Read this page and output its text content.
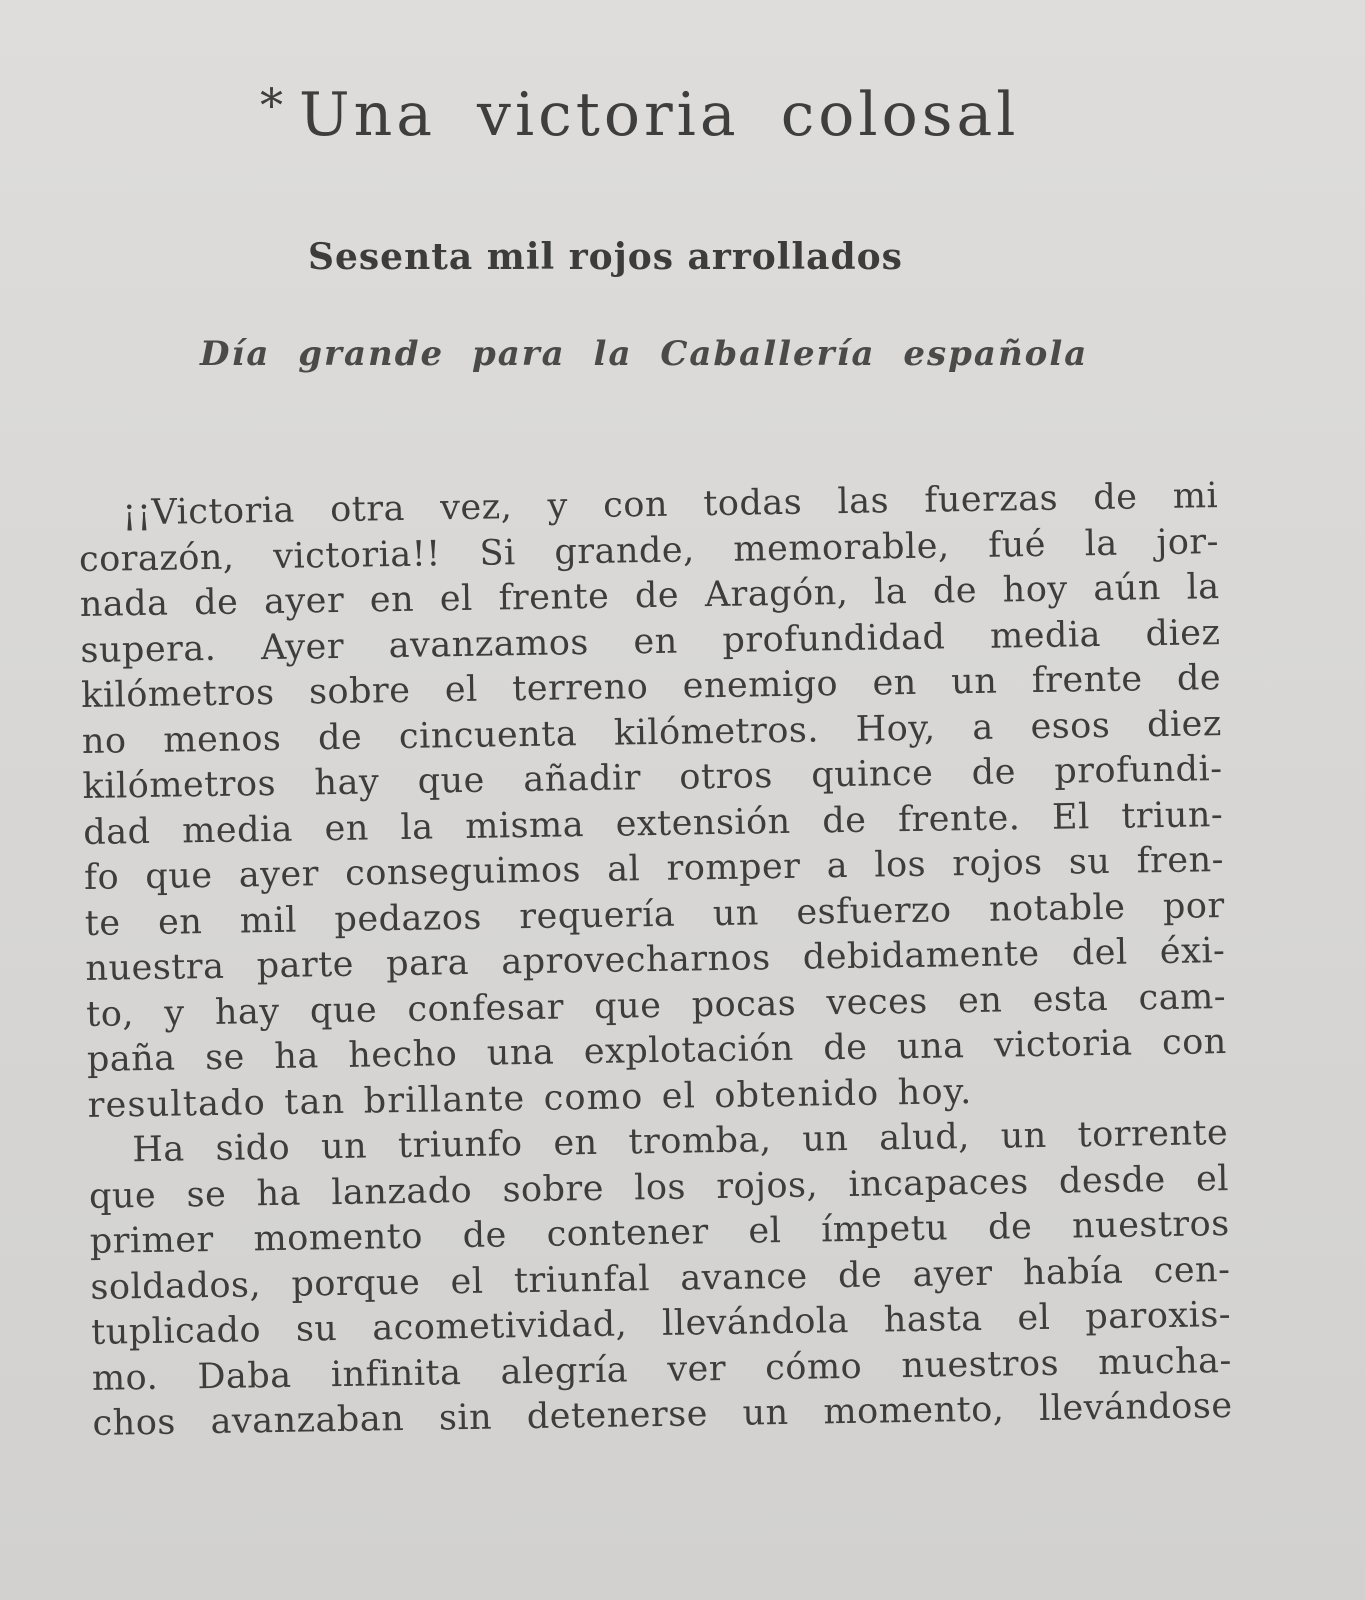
* Una victoria colosal
Sesenta mil rojos arrollados
Día grande para la Caballería española
¡¡Victoria otra vez, y con todas las fuerzas de mi
corazón, victoria!! Si grande, memorable, fué la jor-
nada de ayer en el frente de Aragón, la de hoy aún la
supera. Ayer avanzamos en profundidad media diez
kilómetros sobre el terreno enemigo en un frente de
no menos de cincuenta kilómetros. Hoy, a esos diez
kilómetros hay que añadir otros quince de profundi-
dad media en la misma extensión de frente. El triun-
fo que ayer conseguimos al romper a los rojos su fren-
te en mil pedazos requería un esfuerzo notable por
nuestra parte para aprovecharnos debidamente del éxi-
to, y hay que confesar que pocas veces en esta cam-
paña se ha hecho una explotación de una victoria con
resultado tan brillante como el obtenido hoy.
Ha sido un triunfo en tromba, un alud, un torrente
que se ha lanzado sobre los rojos, incapaces desde el
primer momento de contener el ímpetu de nuestros
soldados, porque el triunfal avance de ayer había cen-
tuplicado su acometividad, llevándola hasta el paroxis-
mo. Daba infinita alegría ver cómo nuestros mucha-
chos avanzaban sin detenerse un momento, llevándose
